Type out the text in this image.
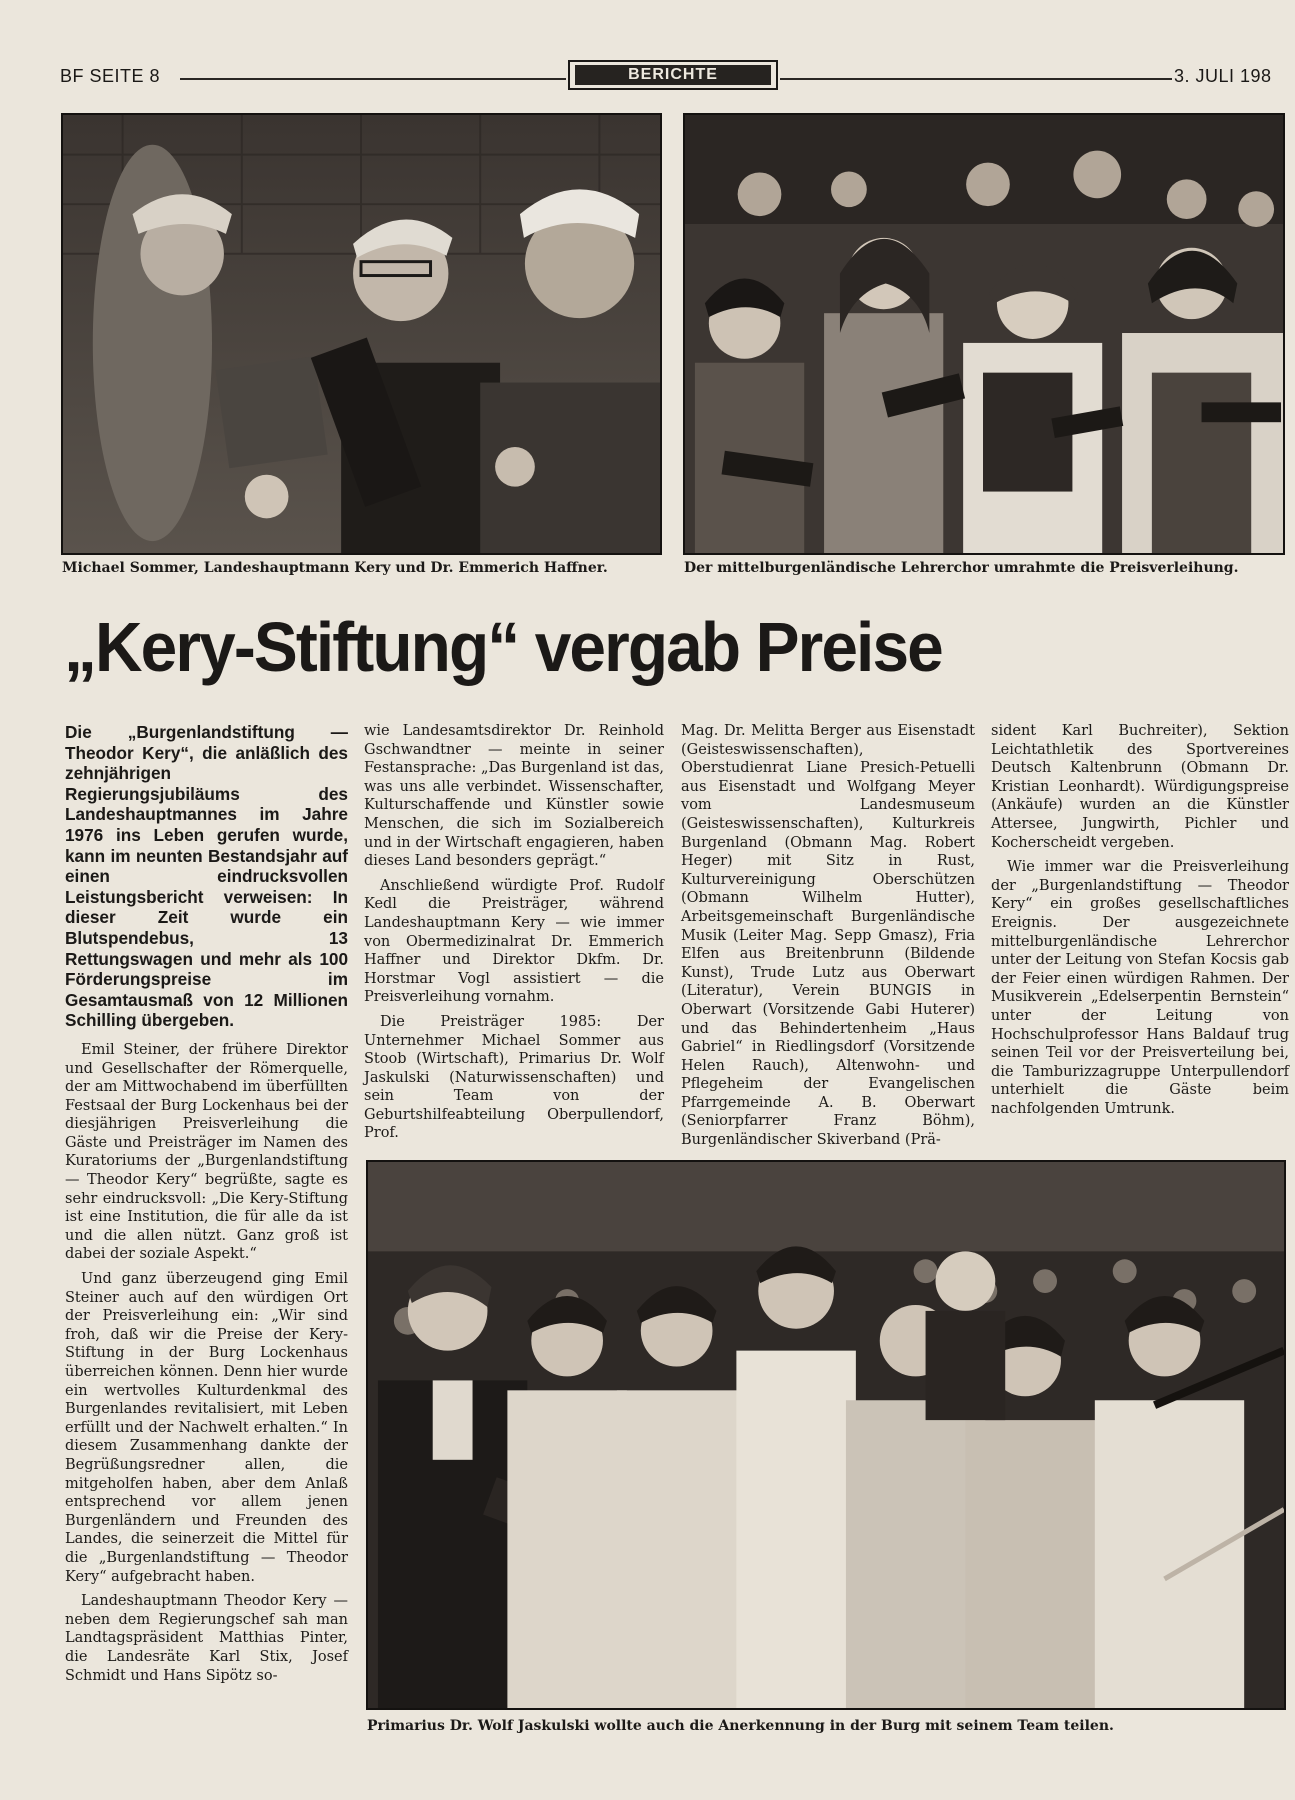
BF SEITE 8	BERICHTE	3. JULI 198
Michael Sommer, Landeshauptmann Kery und Dr. Emmerich Haffner.	Der mittelburgenländische Lehrerchor umrahmte die Preisverleihung.
„Kery-Stiftung“ vergab Preise
Die „Burgenlandstiftung — Theodor Kery“, die anläßlich des zehnjährigen Regierungsjubiläums des Landeshauptmannes im Jahre 1976 ins Leben gerufen wurde, kann im neunten Bestandsjahr auf einen eindrucksvollen Leistungsbericht verweisen: In dieser Zeit wurde ein Blutspendebus, 13 Rettungswagen und mehr als 100 Förderungspreise im Gesamtausmaß von 12 Millionen Schilling übergeben.

Emil Steiner, der frühere Direktor und Gesellschafter der Römerquelle, der am Mittwochabend im überfüllten Festsaal der Burg Lockenhaus bei der diesjährigen Preisverleihung die Gäste und Preisträger im Namen des Kuratoriums der „Burgenlandstiftung — Theodor Kery“ begrüßte, sagte es sehr eindrucksvoll: „Die Kery-Stiftung ist eine Institution, die für alle da ist und die allen nützt. Ganz groß ist dabei der soziale Aspekt.“

Und ganz überzeugend ging Emil Steiner auch auf den würdigen Ort der Preisverleihung ein: „Wir sind froh, daß wir die Preise der Kery-Stiftung in der Burg Lockenhaus überreichen können. Denn hier wurde ein wertvolles Kulturdenkmal des Burgenlandes revitalisiert, mit Leben erfüllt und der Nachwelt erhalten.“ In diesem Zusammenhang dankte der Begrüßungsredner allen, die mitgeholfen haben, aber dem Anlaß entsprechend vor allem jenen Burgenländern und Freunden des Landes, die seinerzeit die Mittel für die „Burgenlandstiftung — Theodor Kery“ aufgebracht haben.

Landeshauptmann Theodor Kery — neben dem Regierungschef sah man Landtagspräsident Matthias Pinter, die Landesräte Karl Stix, Josef Schmidt und Hans Sipötz so-

wie Landesamtsdirektor Dr. Reinhold Gschwandtner — meinte in seiner Festansprache: „Das Burgenland ist das, was uns alle verbindet. Wissenschafter, Kulturschaffende und Künstler sowie Menschen, die sich im Sozialbereich und in der Wirtschaft engagieren, haben dieses Land besonders geprägt.“

Anschließend würdigte Prof. Rudolf Kedl die Preisträger, während Landeshauptmann Kery — wie immer von Obermedizinalrat Dr. Emmerich Haffner und Direktor Dkfm. Dr. Horstmar Vogl assistiert — die Preisverleihung vornahm.

Die Preisträger 1985: Der Unternehmer Michael Sommer aus Stoob (Wirtschaft), Primarius Dr. Wolf Jaskulski (Naturwissenschaften) und sein Team von der Geburtshilfeabteilung Oberpullendorf, Prof.

Mag. Dr. Melitta Berger aus Eisenstadt (Geisteswissenschaften), Oberstudienrat Liane Presich-Petuelli aus Eisenstadt und Wolfgang Meyer vom Landesmuseum (Geisteswissenschaften), Kulturkreis Burgenland (Obmann Mag. Robert Heger) mit Sitz in Rust, Kulturvereinigung Oberschützen (Obmann Wilhelm Hutter), Arbeitsgemeinschaft Burgenländische Musik (Leiter Mag. Sepp Gmasz), Fria Elfen aus Breitenbrunn (Bildende Kunst), Trude Lutz aus Oberwart (Literatur), Verein BUNGIS in Oberwart (Vorsitzende Gabi Huterer) und das Behindertenheim „Haus Gabriel“ in Riedlingsdorf (Vorsitzende Helen Rauch), Altenwohn- und Pflegeheim der Evangelischen Pfarrgemeinde A. B. Oberwart (Seniorpfarrer Franz Böhm), Burgenländischer Skiverband (Prä-

sident Karl Buchreiter), Sektion Leichtathletik des Sportvereines Deutsch Kaltenbrunn (Obmann Dr. Kristian Leonhardt). Würdigungspreise (Ankäufe) wurden an die Künstler Attersee, Jungwirth, Pichler und Kocherscheidt vergeben.

Wie immer war die Preisverleihung der „Burgenlandstiftung — Theodor Kery“ ein großes gesellschaftliches Ereignis. Der ausgezeichnete mittelburgenländische Lehrerchor unter der Leitung von Stefan Kocsis gab der Feier einen würdigen Rahmen. Der Musikverein „Edelserpentin Bernstein“ unter der Leitung von Hochschulprofessor Hans Baldauf trug seinen Teil vor der Preisverteilung bei, die Tamburizzagruppe Unterpullendorf unterhielt die Gäste beim nachfolgenden Umtrunk.

Primarius Dr. Wolf Jaskulski wollte auch die Anerkennung in der Burg mit seinem Team teilen.
